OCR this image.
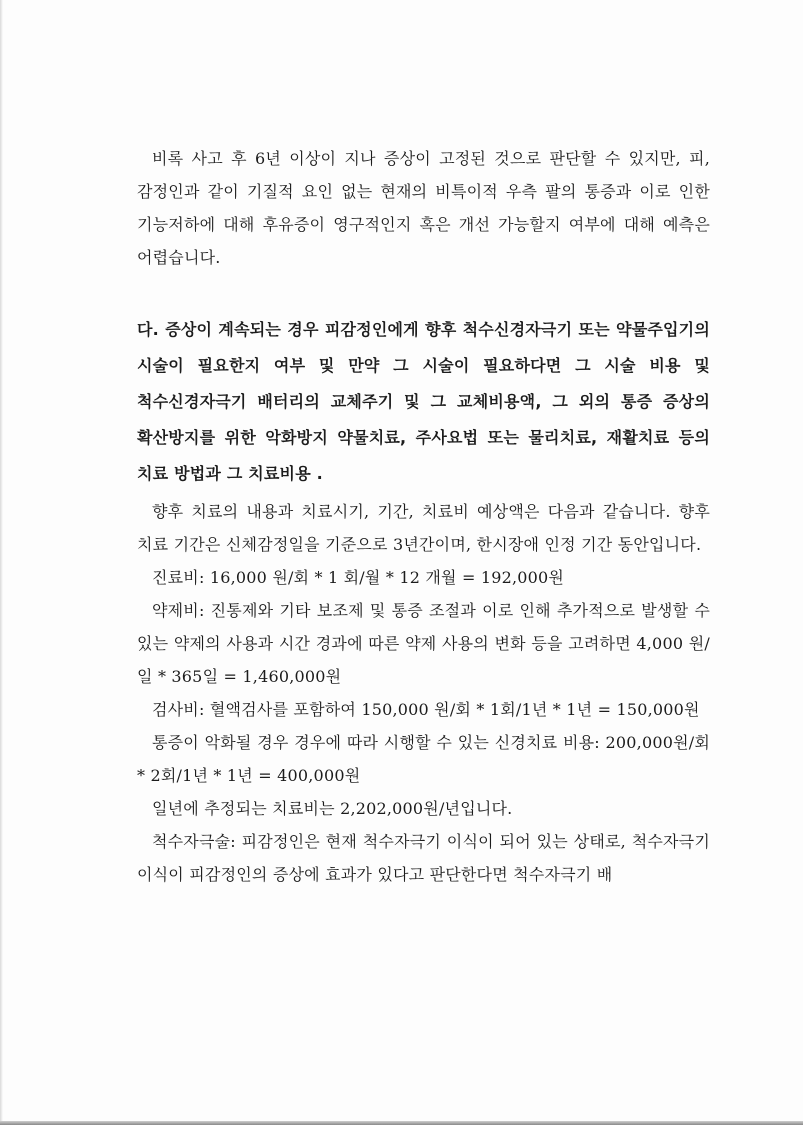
비록 사고 후 6년 이상이 지나 증상이 고정된 것으로 판단할 수 있지만, 피, 감정인과 같이 기질적 요인 없는 현재의 비특이적 우측 팔의 통증과 이로 인한 기능저하에 대해 후유증이 영구적인지 혹은 개선 가능할지 여부에 대해 예측은 어렵습니다.
다. 증상이 계속되는 경우 피감정인에게 향후 척수신경자극기 또는 약물주입기의 시술이 필요한지 여부 및 만약 그 시술이 필요하다면 그 시술 비용 및 척수신경자극기 배터리의 교체주기 및 그 교체비용액, 그 외의 통증 증상의 확산방지를 위한 악화방지 약물치료, 주사요법 또는 물리치료, 재활치료 등의 치료 방법과 그 치료비용 .

향후 치료의 내용과 치료시기, 기간, 치료비 예상액은 다음과 같습니다. 향후 치료 기간은 신체감정일을 기준으로 3년간이며, 한시장애 인정 기간 동안입니다.

진료비: 16,000 원/회 * 1 회/월 * 12 개월 = 192,000원

약제비: 진통제와 기타 보조제 및 통증 조절과 이로 인해 추가적으로 발생할 수 있는 약제의 사용과 시간 경과에 따른 약제 사용의 변화 등을 고려하면 4,000 원/일 * 365일 = 1,460,000원

검사비: 혈액검사를 포함하여 150,000 원/회 * 1회/1년 * 1년 = 150,000원

통증이 악화될 경우 경우에 따라 시행할 수 있는 신경치료 비용: 200,000원/회 * 2회/1년 * 1년 = 400,000원

일년에 추정되는 치료비는 2,202,000원/년입니다.

척수자극술: 피감정인은 현재 척수자극기 이식이 되어 있는 상태로, 척수자극기 이식이 피감정인의 증상에 효과가 있다고 판단한다면 척수자극기 배
